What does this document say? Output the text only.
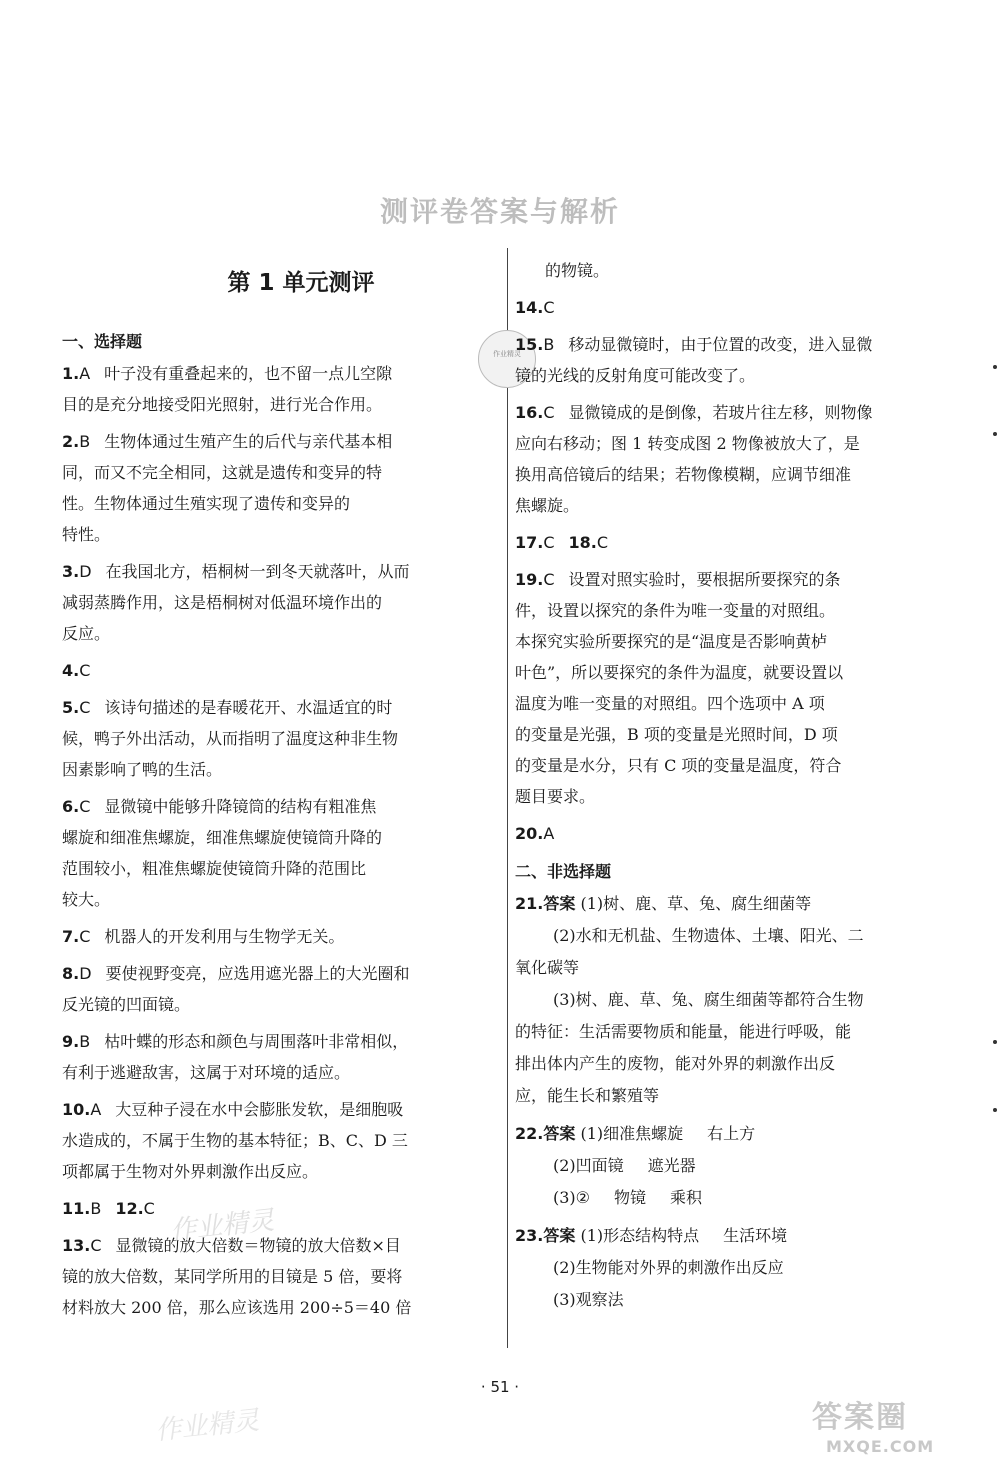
测评卷答案与解析
作业精灵
第 1 单元测评
一、选择题
1.A 叶子没有重叠起来的，也不留一点儿空隙
目的是充分地接受阳光照射，进行光合作用。
2.B 生物体通过生殖产生的后代与亲代基本相
同，而又不完全相同，这就是遗传和变异的特
性。生物体通过生殖实现了遗传和变异的
特性。
3.D 在我国北方，梧桐树一到冬天就落叶，从而
减弱蒸腾作用，这是梧桐树对低温环境作出的
反应。
4.C
5.C 该诗句描述的是春暖花开、水温适宜的时
候，鸭子外出活动，从而指明了温度这种非生物
因素影响了鸭的生活。
6.C 显微镜中能够升降镜筒的结构有粗准焦
螺旋和细准焦螺旋，细准焦螺旋使镜筒升降的
范围较小，粗准焦螺旋使镜筒升降的范围比
较大。
7.C 机器人的开发利用与生物学无关。
8.D 要使视野变亮，应选用遮光器上的大光圈和
反光镜的凹面镜。
9.B 枯叶蝶的形态和颜色与周围落叶非常相似，
有利于逃避敌害，这属于对环境的适应。
10.A 大豆种子浸在水中会膨胀发软，是细胞吸
水造成的，不属于生物的基本特征；B、C、D 三
项都属于生物对外界刺激作出反应。
11.B 12.C
13.C 显微镜的放大倍数＝物镜的放大倍数×目
镜的放大倍数，某同学所用的目镜是 5 倍，要将
材料放大 200 倍，那么应该选用 200÷5＝40 倍
的物镜。
14.C
15.B 移动显微镜时，由于位置的改变，进入显微
镜的光线的反射角度可能改变了。
16.C 显微镜成的是倒像，若玻片往左移，则物像
应向右移动；图 1 转变成图 2 物像被放大了，是
换用高倍镜后的结果；若物像模糊，应调节细准
焦螺旋。
17.C 18.C
19.C 设置对照实验时，要根据所要探究的条
件，设置以探究的条件为唯一变量的对照组。
本探究实验所要探究的是“温度是否影响黄栌
叶色”，所以要探究的条件为温度，就要设置以
温度为唯一变量的对照组。四个选项中 A 项
的变量是光强，B 项的变量是光照时间，D 项
的变量是水分，只有 C 项的变量是温度，符合
题目要求。
20.A
二、非选择题
21.答案 (1)树、鹿、草、兔、腐生细菌等
(2)水和无机盐、生物遗体、土壤、阳光、二
氧化碳等
(3)树、鹿、草、兔、腐生细菌等都符合生物
的特征：生活需要物质和能量，能进行呼吸，能
排出体内产生的废物，能对外界的刺激作出反
应，能生长和繁殖等
22.答案 (1)细准焦螺旋 右上方
(2)凹面镜 遮光器
(3)② 物镜 乘积
23.答案 (1)形态结构特点 生活环境
(2)生物能对外界的刺激作出反应
(3)观察法
· 51 ·
作业精灵
作业精灵	答案圈
MXQE.COM
